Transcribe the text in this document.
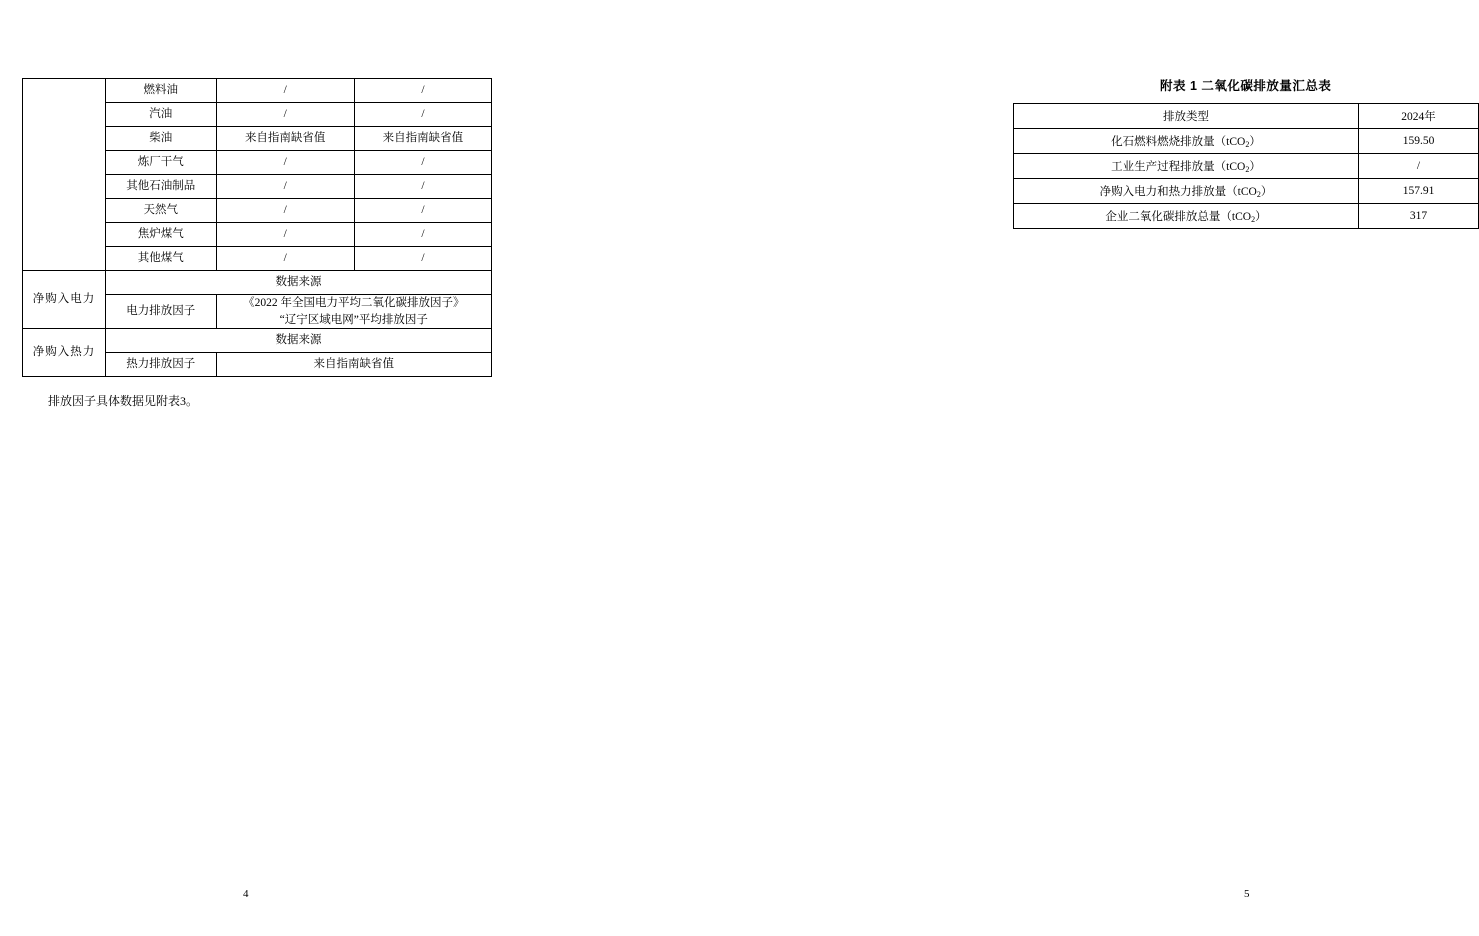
	燃料油	/	/
	汽油	/	/
	柴油	来自指南缺省值	来自指南缺省值
	炼厂干气	/	/
	其他石油制品	/	/
	天然气	/	/
	焦炉煤气	/	/
	其他煤气	/	/
净购入电力	数据来源		
	电力排放因子	《2022 年全国电力平均二氧化碳排放因子》
“辽宁区域电网”平均排放因子	

净购入热力	数据来源		
	热力排放因子	来自指南缺省值	
排放因子具体数据见附表3。
4
附表 1 二氧化碳排放量汇总表
排放类型	2024年
化石燃料燃烧排放量（tCO$_2$）	159.50
工业生产过程排放量（tCO$_2$）	/
净购入电力和热力排放量（tCO$_2$）	157.91
企业二氧化碳排放总量（tCO$_2$）	317
5
